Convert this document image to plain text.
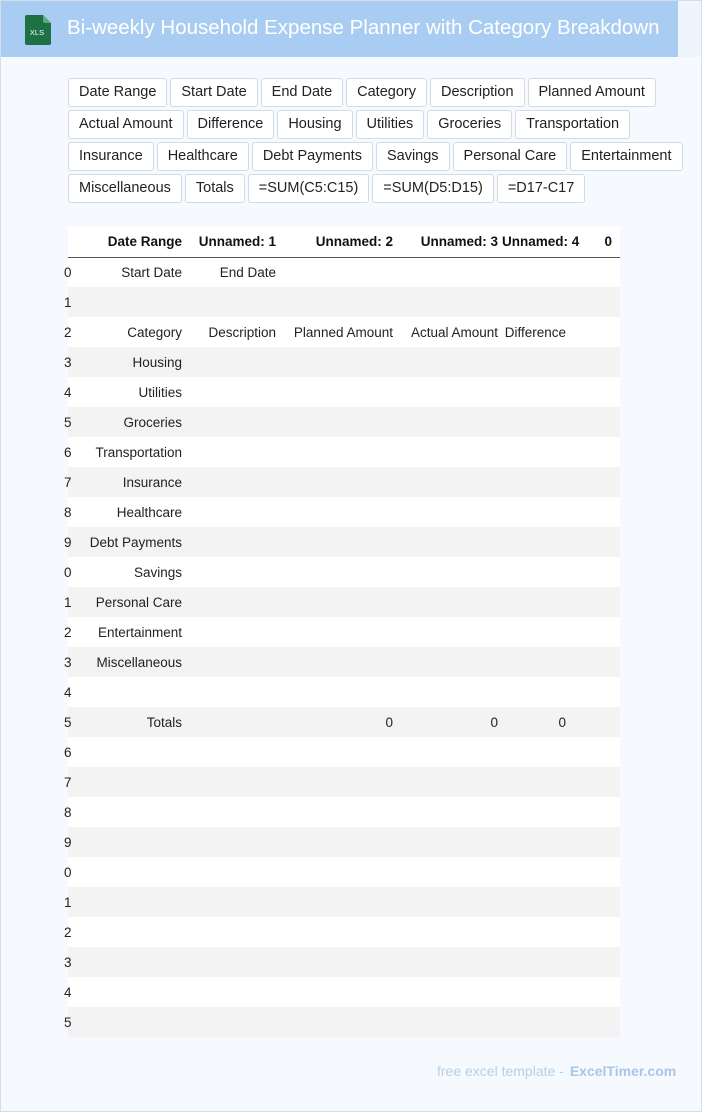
XLS Bi-weekly Household Expense Planner with Category Breakdown
Date Range	Start Date	End Date	Category	Description	Planned Amount
Actual Amount	Difference	Housing	Utilities	Groceries	Transportation
Insurance	Healthcare	Debt Payments	Savings	Personal Care	Entertainment
Miscellaneous	Totals	=SUM(C5:C15)	=SUM(D5:D15)	=D17-C17
	Date Range	Unnamed: 1	Unnamed: 2	Unnamed: 3	Unnamed: 4	0
0	Start Date	End Date				
1						
2	Category	Description	Planned Amount	Actual Amount	Difference	
3	Housing					
4	Utilities					
5	Groceries					
6	Transportation					
7	Insurance					
8	Healthcare					
9	Debt Payments					
0	Savings					
1	Personal Care					
2	Entertainment					
3	Miscellaneous					
4						
5	Totals		0	0	0	
6						
7						
8						
9						
0						
1						
2						
3						
4						
5						
free excel template - ExcelTimer.com
